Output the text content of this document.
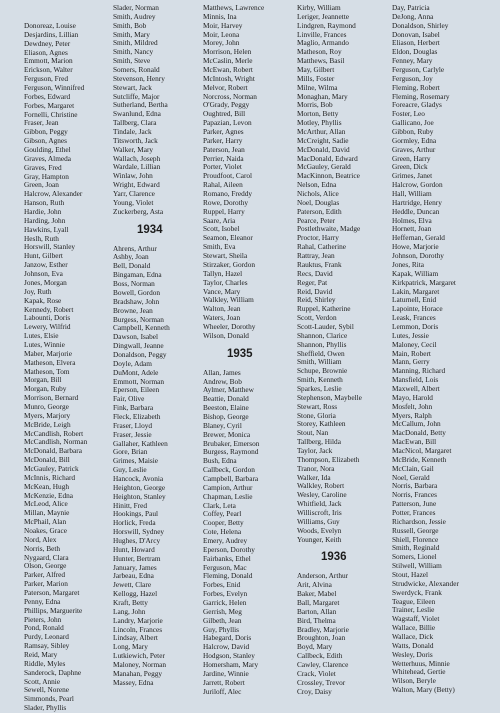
Donoreaz, Louise
Desjardins, Lillian
Dewdney, Peter
Eliason, Agnes
Emmott, Marion
Erickson, Walter
Ferguson, Fred
Ferguson, Winnifred
Forbes, Edward
Forbes, Margaret
Fornelli, Christine
Fraser, Jean
Gibbon, Peggy
Gibson, Agnes
Goulding, Ethel
Graves, Almeda
Graves, Fred
Gray, Hampton
Green, Joan
Halcrow, Alexander
Hanson, Ruth
Hardie, John
Harding, John
Hawkins, Lyall
Heslh, Ruth
Horswill, Stanley
Hunt, Gilbert
Janzow, Esther
Johnson, Eva
Jones, Morgan
Joy, Ruth
Kapak, Rose
Kennedy, Robert
Labounti, Doris
Lewery, Wilfrid
Lutes, Elsie
Lutes, Winnie
Maber, Marjorie
Matheson, Elvera
Matheson, Tom
Morgan, Bill
Morgan, Ruby
Morrison, Bernard
Munro, George
Myers, Marjory
McBride, Leigh
McCandlish, Robert
McCandlish, Norman
McDonald, Barbara
McDonald, Bill
McGauley, Patrick
McInnis, Richard
McKean, Hugh
McKenzie, Edna
McLeod, Alice
Millan, Maynie
McPhail, Alan
Noakes, Grace
Nord, Alex
Norris, Beth
Nygaard, Clara
Olson, George
Parker, Alfred
Parker, Marion
Paterson, Margaret
Penny, Edna
Phillips, Marguerite
Pieters, John
Pond, Ronald
Purdy, Leonard
Ramsay, Sibley
Reid, Mary
Riddle, Myles
Sanderock, Daphne
Scott, Annie
Sewell, Norene
Simmonds, Pearl
Slader, Phyllis
Slader, Norman
Smith, Audrey
Smith, Bob
Smith, Mary
Smith, Mildred
Smith, Nancy
Smith, Steve
Somers, Ronald
Stevenson, Henry
Stewart, Jack
Sutcliffe, Major
Sutherland, Bertha
Swanlund, Edna
Tallberg, Clara
Tindale, Jack
Titsworth, Jack
Walker, Mary
Wallach, Joseph
Wardale, Lillian
Winlaw, John
Wright, Edward
Yarr, Clarence
Young, Violet
Zuckerberg, Asta
1934
Ahrens, Arthur
Ashby, Joan
Bell, Donald
Bingaman, Edna
Boss, Norman
Bowell, Gordon
Bradshaw, John
Browne, Jean
Burgess, Norman
Campbell, Kenneth
Dawson, Isabel
Dingwall, Jeanne
Donaldson, Peggy
Doyle, Adam
DuMont, Adele
Emmott, Norman
Eperson, Eileen
Fair, Olive
Fink, Barbara
Fleck, Elizabeth
Fraser, Lloyd
Fraser, Jessie
Gallaher, Kathleen
Gore, Brian
Grimes, Maisie
Guy, Leslie
Hancock, Avonia
Heighton, George
Heighton, Stanley
Hinitt, Fred
Hookings, Paul
Horlick, Freda
Horswill, Sydney
Hughes, D'Arcy
Hunt, Howard
Hunter, Bertram
January, James
Jarbeau, Edna
Jewett, Clare
Kellogg, Hazel
Kraft, Betty
Lang, John
Landry, Marjorie
Lincoln, Frances
Lindsay, Albert
Long, Mary
Lutkiewich, Peter
Maloney, Norman
Manahan, Peggy
Massey, Edna
Matthews, Lawrence
Minnis, Ina
Moir, Harvey
Moir, Leona
Morey, John
Morrison, Helen
McCaslin, Merle
McEwan, Robert
McIntosh, Wright
Melvor, Robert
Norcross, Norman
O'Grady, Peggy
Oughtred, Bill
Papazian, Levon
Parker, Agnes
Parker, Harry
Paterson, Jean
Perrier, Naida
Porter, Violet
Proudfoot, Carol
Rahal, Aileen
Romano, Freddy
Rowe, Dorothy
Ruppel, Harry
Saare, Aria
Scott, Isobel
Seamon, Eleanor
Smith, Eva
Stewart, Sheila
Stirzaker, Gordon
Tallyn, Hazel
Taylor, Charles
Vance, Mary
Walkley, William
Walton, Jean
Waters, Joan
Wheeler, Dorothy
Wilson, Donald
1935
Allan, James
Andrew, Bob
Aylmer, Matthew
Beattie, Donald
Beeston, Elaine
Bishop, George
Blaney, Cyril
Brewer, Monica
Brubaker, Emerson
Burgess, Raymond
Bush, Edna
Callbeck, Gordon
Campbell, Barbara
Campion, Arthur
Chapman, Leslie
Clark, Leta
Coffey, Pearl
Cooper, Betty
Cote, Helena
Emery, Audrey
Eperson, Dorothy
Fairbanks, Ethel
Ferguson, Mac
Fleming, Donald
Forbes, Enid
Forbes, Evelyn
Garrick, Helen
Gerrish, Meg
Gilbeth, Jean
Guy, Phyllis
Habegard, Doris
Halcrow, David
Hodgson, Stanley
Homersham, Mary
Jardine, Winnie
Jarrett, Robert
Juriloff, Alec
Kirby, William
Leriger, Jeannette
Lindgren, Raymond
Linville, Frances
Maglio, Armando
Matheson, Roy
Matthews, Basil
May, Gilbert
Mills, Foster
Milne, Wilma
Monaghan, Mary
Morris, Bob
Morton, Betty
Motley, Phyllis
McArthur, Allan
McCreight, Sadie
McDonald, David
MacDonald, Edward
McGauley, Gerald
MacKinnon, Beatrice
Nelson, Edna
Nichols, Alice
Noel, Douglas
Paterson, Edith
Pearce, Peter
Postlethwaite, Madge
Proctor, Harry
Rahal, Catherine
Rattray, Jean
Rauktus, Frank
Recs, David
Reger, Pat
Reid, David
Reid, Shirley
Ruppel, Katherine
Scott, Verdon
Scott-Lauder, Sybil
Shannon, Clarice
Shannon, Phyllis
Sheffield, Owen
Smith, William
Schupe, Brownie
Smith, Kenneth
Sparkes, Leslie
Stephenson, Maybelle
Stewart, Ross
Stone, Gloria
Storey, Kathleen
Stout, Nan
Tallberg, Hilda
Taylor, Jack
Thompson, Elizabeth
Tranor, Nora
Walker, Ida
Walkley, Robert
Wesley, Caroline
Whitfield, Jack
Williscroft, Iris
Williams, Guy
Woods, Evelyn
Younger, Keith
1936
Anderson, Arthur
Arit, Alvina
Baker, Mabel
Ball, Margaret
Barton, Allan
Bird, Thelma
Bradley, Marjorie
Broughton, Joan
Boyd, Mary
Callbeck, Edith
Cawley, Clarence
Crack, Violet
Crossley, Trevor
Croy, Daisy
Day, Patricia
DeJong, Anna
Donaldson, Shirley
Donovan, Isabel
Eliason, Herbert
Eldon, Douglas
Fenney, Mary
Ferguson, Carlyle
Ferguson, Joy
Fleming, Robert
Fleming, Rosemary
Foreacre, Gladys
Foster, Leo
Gallicano, Joe
Gibbon, Ruby
Gormley, Edna
Graves, Arthur
Green, Harry
Green, Dick
Grimes, Janet
Halcrow, Gordon
Hall, William
Hartridge, Henry
Heddle, Duncan
Holmes, Elva
Hornett, Joan
Heffernan, Gerald
Howe, Marjorie
Johnson, Dorothy
Jones, Rita
Kapak, William
Kirkpatrick, Margaret
Lakin, Margaret
Laturnell, Enid
Lapointe, Horace
Leask, Frances
Lemmon, Doris
Lutes, Jessie
Maloney, Cecil
Main, Robert
Mann, Gerry
Manning, Richard
Mansfield, Lois
Maxwell, Albert
Mayo, Harold
Mosfelt, John
Myers, Ralph
McCallum, John
MacDonald, Betty
MacEwan, Bill
MacNicol, Margaret
McBride, Kenneth
McClain, Gail
Noel, Gerald
Norris, Barbara
Norris, Frances
Patterson, June
Potter, Frances
Richardson, Jessie
Russell, George
Shiell, Florence
Smith, Reginald
Somers, Lionel
Stilwell, William
Stout, Hazel
Strudwicke, Alexander
Swerdyck, Frank
Teague, Eileen
Trainer, Leslie
Wagstaff, Violet
Wallace, Billie
Wallace, Dick
Watts, Donald
Wesley, Doris
Wetterhuus, Minnie
Whitehead, Gertie
Wilson, Beryle
Walton, Mary (Betty)
